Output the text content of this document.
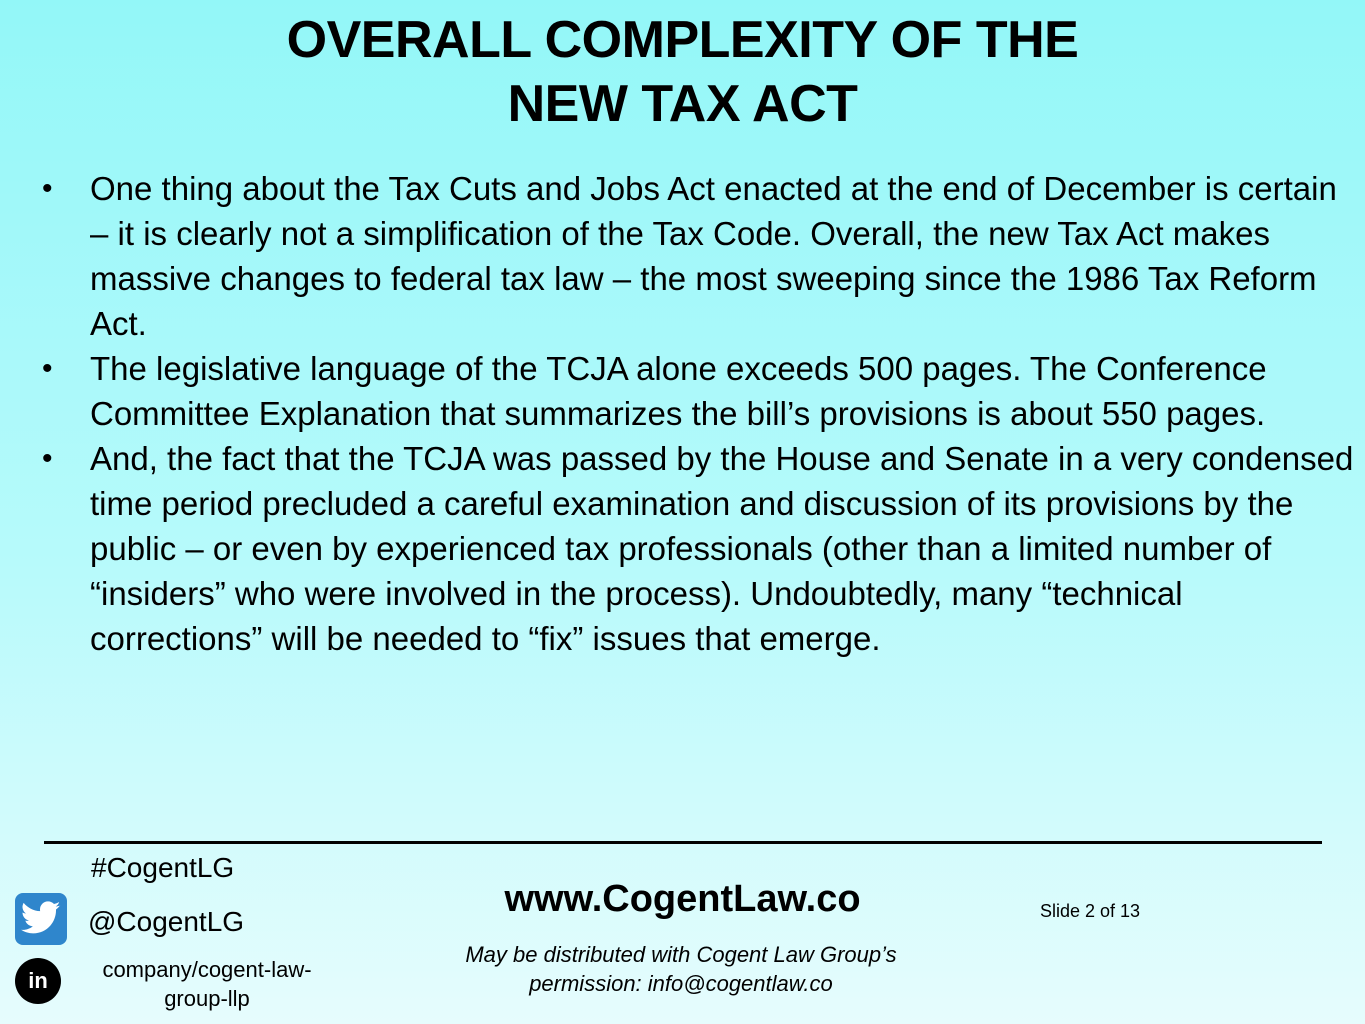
OVERALL COMPLEXITY OF THE
NEW TAX ACT
• One thing about the Tax Cuts and Jobs Act enacted at the end of December is certain – it is clearly not a simplification of the Tax Code. Overall, the new Tax Act makes massive changes to federal tax law – the most sweeping since the 1986 Tax Reform Act.
• The legislative language of the TCJA alone exceeds 500 pages. The Conference Committee Explanation that summarizes the bill’s provisions is about 550 pages.
• And, the fact that the TCJA was passed by the House and Senate in a very condensed time period precluded a careful examination and discussion of its provisions by the public – or even by experienced tax professionals (other than a limited number of “insiders” who were involved in the process). Undoubtedly, many “technical corrections” will be needed to “fix” issues that emerge.
#CogentLG
@CogentLG
in	company/cogent-law-group-llp
www.CogentLaw.co	Slide 2 of 13
May be distributed with Cogent Law Group’s permission: info@cogentlaw.co
